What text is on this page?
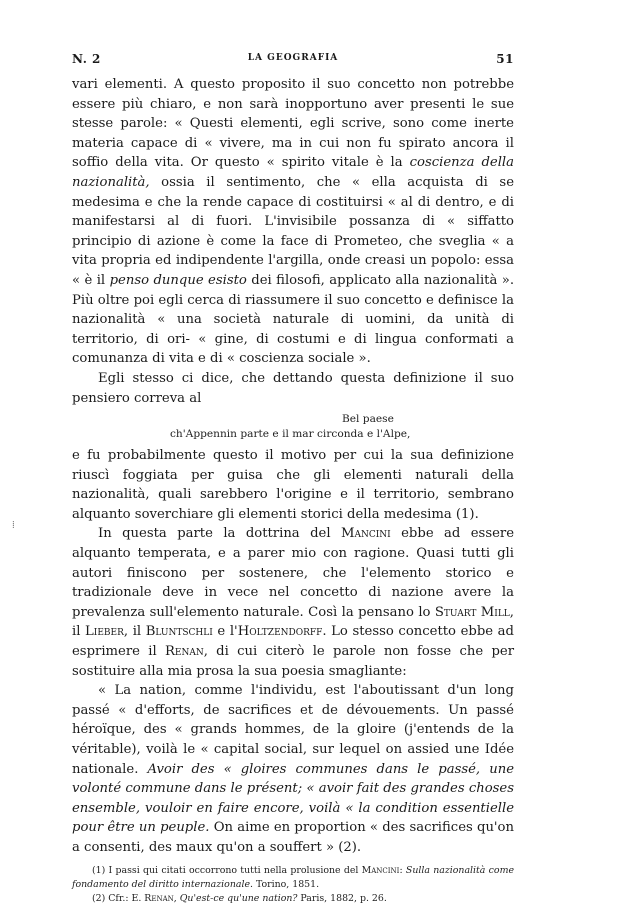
N. 2	LA GEOGRAFIA	51
⁞

vari elementi. A questo proposito il suo concetto non potrebbe essere più chiaro, e non sarà inopportuno aver presenti le sue stesse parole: « Questi elementi, egli scrive, sono come inerte materia capace di « vivere, ma in cui non fu spirato ancora il soffio della vita. Or questo « spirito vitale è la coscienza della nazionalità, ossia il sentimento, che « ella acquista di se medesima e che la rende capace di costituirsi « al di dentro, e di manifestarsi al di fuori. L'invisibile possanza di « siffatto principio di azione è come la face di Prometeo, che sveglia « a vita propria ed indipendente l'argilla, onde creasi un popolo: essa « è il penso dunque esisto dei filosofi, applicato alla nazionalità ». Più oltre poi egli cerca di riassumere il suo concetto e definisce la nazionalità « una società naturale di uomini, da unità di territorio, di ori- « gine, di costumi e di lingua conformati a comunanza di vita e di « coscienza sociale ».

Egli stesso ci dice, che dettando questa definizione il suo pensiero correva al

Bel paese
ch'Appennin parte e il mar circonda e l'Alpe,

e fu probabilmente questo il motivo per cui la sua definizione riuscì foggiata per guisa che gli elementi naturali della nazionalità, quali sarebbero l'origine e il territorio, sembrano alquanto soverchiare gli elementi storici della medesima (1).

In questa parte la dottrina del Mancini ebbe ad essere alquanto temperata, e a parer mio con ragione. Quasi tutti gli autori finiscono per sostenere, che l'elemento storico e tradizionale deve in vece nel concetto di nazione avere la prevalenza sull'elemento naturale. Così la pensano lo Stuart Mill, il Lieber, il Bluntschli e l'Holtzendorff. Lo stesso concetto ebbe ad esprimere il Renan, di cui citerò le parole non fosse che per sostituire alla mia prosa la sua poesia smagliante:

« La nation, comme l'individu, est l'aboutissant d'un long passé « d'efforts, de sacrifices et de dévouements. Un passé héroïque, des « grands hommes, de la gloire (j'entends de la véritable), voilà le « capital social, sur lequel on assied une Idée nationale. Avoir des « gloires communes dans le passé, une volonté commune dans le présent; « avoir fait des grandes choses ensemble, vouloir en faire encore, voilà « la condition essentielle pour être un peuple. On aime en proportion « des sacrifices qu'on a consenti, des maux qu'on a souffert » (2).

(1) I passi qui citati occorrono tutti nella prolusione del Mancini: Sulla nazionalità come fondamento del diritto internazionale. Torino, 1851.

(2) Cfr.: E. Renan, Qu'est-ce qu'une nation? Paris, 1882, p. 26.
